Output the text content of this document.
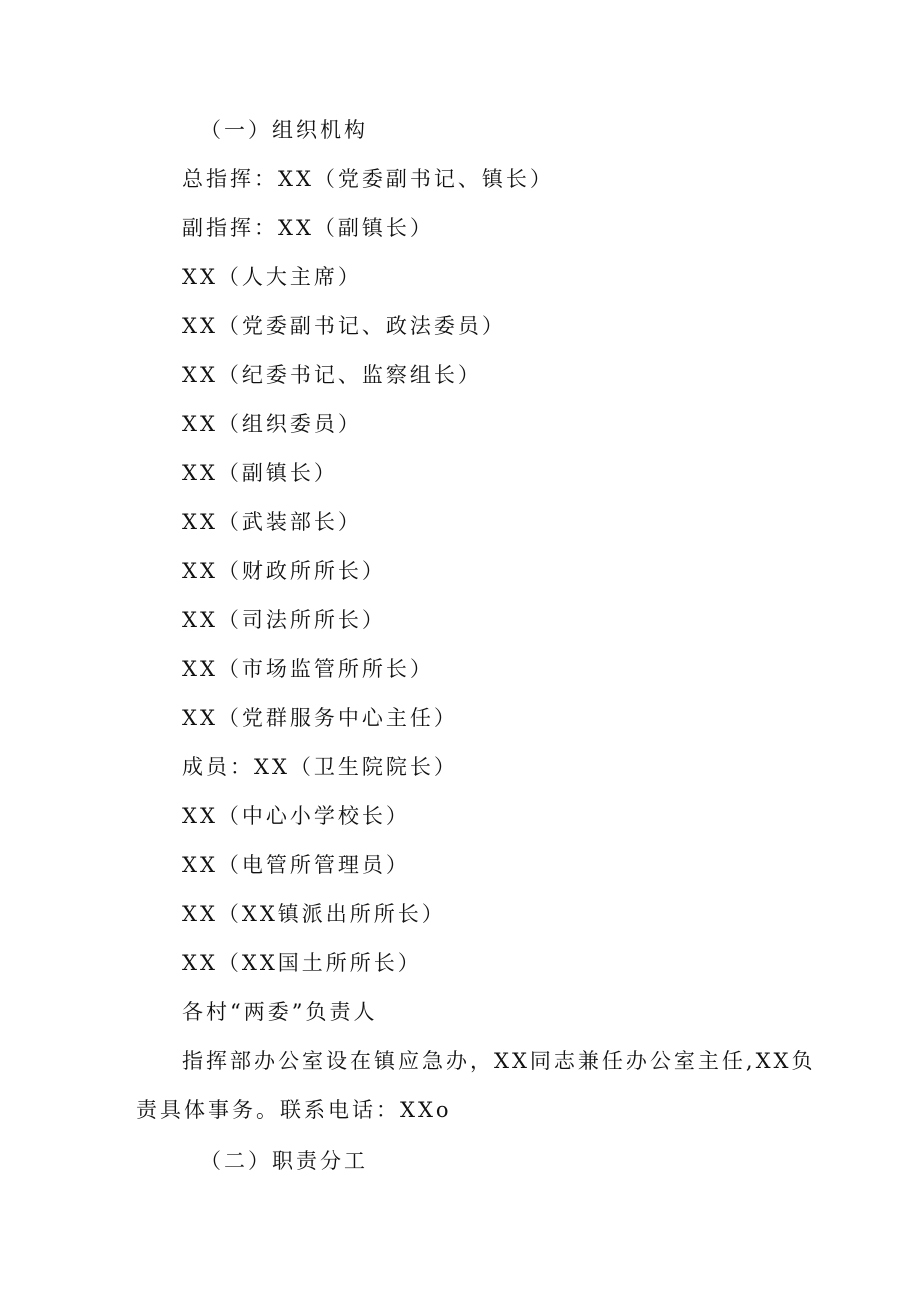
（一）组织机构
总指挥：XX（党委副书记、镇长）
副指挥：XX（副镇长）
XX（人大主席）
XX（党委副书记、政法委员）
XX（纪委书记、监察组长）
XX（组织委员）
XX（副镇长）
XX（武装部长）
XX（财政所所长）
XX（司法所所长）
XX（市场监管所所长）
XX（党群服务中心主任）
成员：XX（卫生院院长）
XX（中心小学校长）
XX（电管所管理员）
XX（XX镇派出所所长）
XX（XX国土所所长）
各村“两委”负责人
指挥部办公室设在镇应急办，XX同志兼任办公室主任,XX负
责具体事务。联系电话：XXo
（二）职责分工
